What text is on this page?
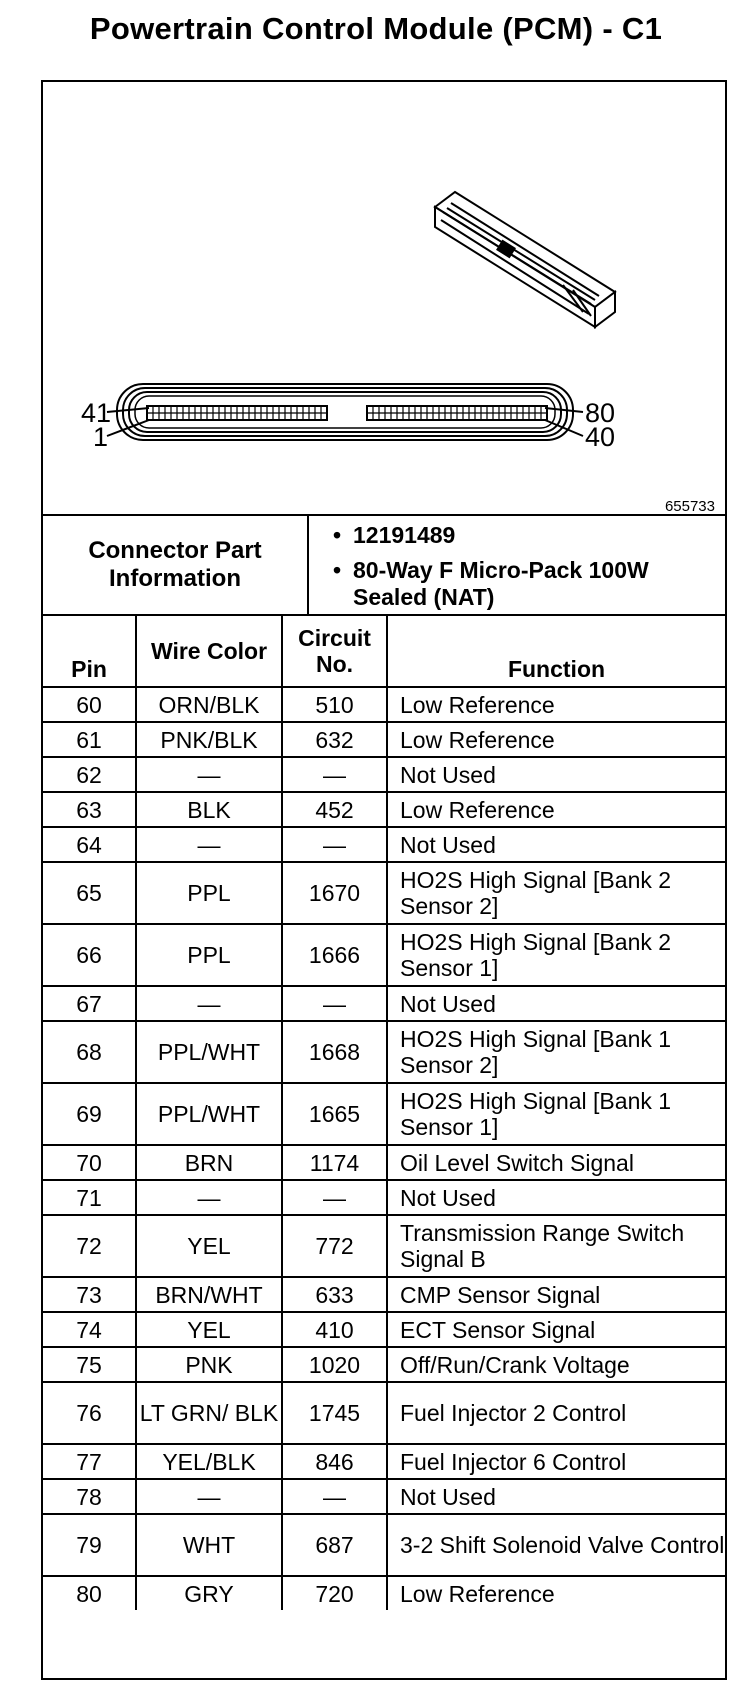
Powertrain Control Module (PCM) - C1
41
1
80
40
655733
Connector Part Information
• 12191489
• 80-Way F Micro-Pack 100W Sealed (NAT)
Pin	Wire Color	Circuit No.	Function
60	ORN/BLK	510	Low Reference
61	PNK/BLK	632	Low Reference
62	—	—	Not Used
63	BLK	452	Low Reference
64	—	—	Not Used
65	PPL	1670	HO2S High Signal [Bank 2 Sensor 2]
66	PPL	1666	HO2S High Signal [Bank 2 Sensor 1]
67	—	—	Not Used
68	PPL/WHT	1668	HO2S High Signal [Bank 1 Sensor 2]
69	PPL/WHT	1665	HO2S High Signal [Bank 1 Sensor 1]
70	BRN	1174	Oil Level Switch Signal
71	—	—	Not Used
72	YEL	772	Transmission Range Switch Signal B
73	BRN/WHT	633	CMP Sensor Signal
74	YEL	410	ECT Sensor Signal
75	PNK	1020	Off/Run/Crank Voltage
76	LT GRN/ BLK	1745	Fuel Injector 2 Control
77	YEL/BLK	846	Fuel Injector 6 Control
78	—	—	Not Used
79	WHT	687	3-2 Shift Solenoid Valve Control
80	GRY	720	Low Reference
